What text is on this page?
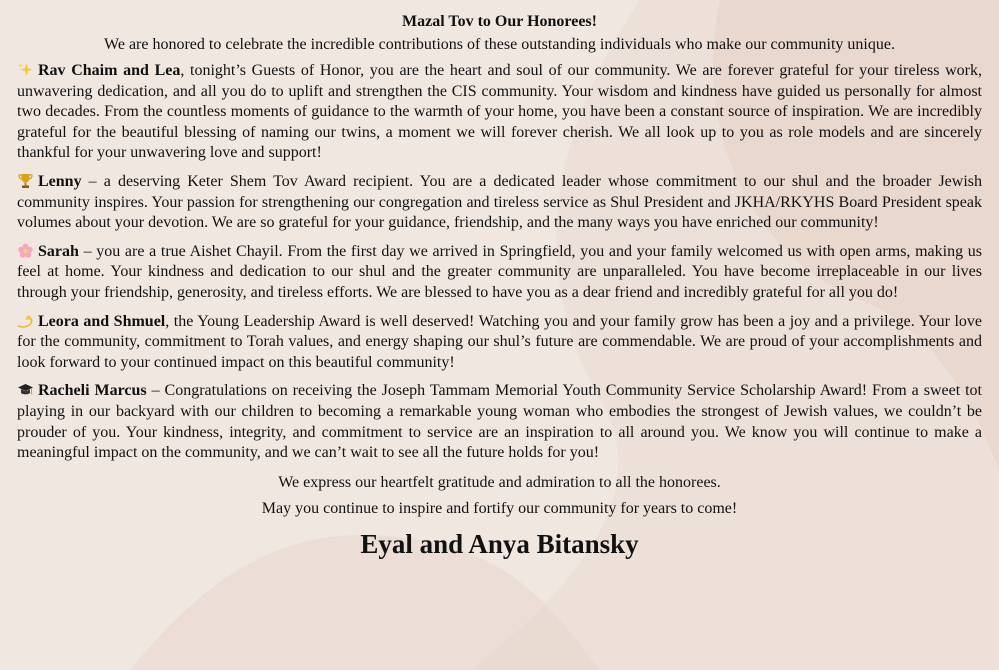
Mazal Tov to Our Honorees!
We are honored to celebrate the incredible contributions of these outstanding individuals who make our community unique.

Rav Chaim and Lea, tonight’s Guests of Honor, you are the heart and soul of our community. We are forever grateful for your tireless work, unwavering dedication, and all you do to uplift and strengthen the CIS community. Your wisdom and kindness have guided us personally for almost two decades. From the countless moments of guidance to the warmth of your home, you have been a constant source of inspiration. We are incredibly grateful for the beautiful blessing of naming our twins, a moment we will forever cherish. We all look up to you as role models and are sincerely thankful for your unwavering love and support!

Lenny – a deserving Keter Shem Tov Award recipient. You are a dedicated leader whose commitment to our shul and the broader Jewish community inspires. Your passion for strengthening our congregation and tireless service as Shul President and JKHA/RKYHS Board President speak volumes about your devotion. We are so grateful for your guidance, friendship, and the many ways you have enriched our community!

Sarah – you are a true Aishet Chayil. From the first day we arrived in Springfield, you and your family welcomed us with open arms, making us feel at home. Your kindness and dedication to our shul and the greater community are unparalleled. You have become irreplaceable in our lives through your friendship, generosity, and tireless efforts. We are blessed to have you as a dear friend and incredibly grateful for all you do!

Leora and Shmuel, the Young Leadership Award is well deserved! Watching you and your family grow has been a joy and a privilege. Your love for the community, commitment to Torah values, and energy shaping our shul’s future are commendable. We are proud of your accomplishments and look forward to your continued impact on this beautiful community!

Racheli Marcus – Congratulations on receiving the Joseph Tammam Memorial Youth Community Service Scholarship Award! From a sweet tot playing in our backyard with our children to becoming a remarkable young woman who embodies the strongest of Jewish values, we couldn’t be prouder of you. Your kindness, integrity, and commitment to service are an inspiration to all around you. We know you will continue to make a meaningful impact on the community, and we can’t wait to see all the future holds for you!

We express our heartfelt gratitude and admiration to all the honorees.
May you continue to inspire and fortify our community for years to come!
Eyal and Anya Bitansky
